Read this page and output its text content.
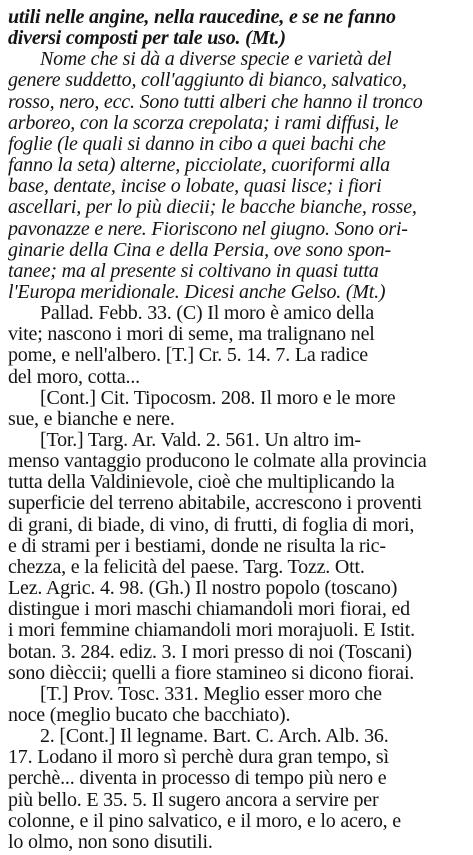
utili nelle angine, nella raucedine, e se ne fanno
diversi composti per tale uso. (Mt.)
Nome che si dà a diverse specie e varietà del
genere suddetto, coll'aggiunto di bianco, salvatico,
rosso, nero, ecc. Sono tutti alberi che hanno il tronco
arboreo, con la scorza crepolata; i rami diffusi, le
foglie (le quali si danno in cibo a quei bachi che
fanno la seta) alterne, picciolate, cuoriformi alla
base, dentate, incise o lobate, quasi lisce; i fiori
ascellari, per lo più diecii; le bacche bianche, rosse,
pavonazze e nere. Fioriscono nel giugno. Sono ori-
ginarie della Cina e della Persia, ove sono spon-
tanee; ma al presente si coltivano in quasi tutta
l'Europa meridionale. Dicesi anche Gelso. (Mt.)
Pallad. Febb. 33. (C) Il moro è amico della
vite; nascono i mori di seme, ma tralignano nel
pome, e nell'albero. [T.] Cr. 5. 14. 7. La radice
del moro, cotta...
[Cont.] Cit. Tipocosm. 208. Il moro e le more
sue, e bianche e nere.
[Tor.] Targ. Ar. Vald. 2. 561. Un altro im-
menso vantaggio producono le colmate alla provincia
tutta della Valdinievole, cioè che multiplicando la
superficie del terreno abitabile, accrescono i proventi
di grani, di biade, di vino, di frutti, di foglia di mori,
e di strami per i bestiami, donde ne risulta la ric-
chezza, e la felicità del paese. Targ. Tozz. Ott.
Lez. Agric. 4. 98. (Gh.) Il nostro popolo (toscano)
distingue i mori maschi chiamandoli mori fiorai, ed
i mori femmine chiamandoli mori morajuoli. E Istit.
botan. 3. 284. ediz. 3. I mori presso di noi (Toscani)
sono dièccii; quelli a fiore stamineo si dicono fiorai.
[T.] Prov. Tosc. 331. Meglio esser moro che
noce (meglio bucato che bacchiato).
2. [Cont.] Il legname. Bart. C. Arch. Alb. 36.
17. Lodano il moro sì perchè dura gran tempo, sì
perchè... diventa in processo di tempo più nero e
più bello. E 35. 5. Il sugero ancora a servire per
colonne, e il pino salvatico, e il moro, e lo acero, e
lo olmo, non sono disutili.
